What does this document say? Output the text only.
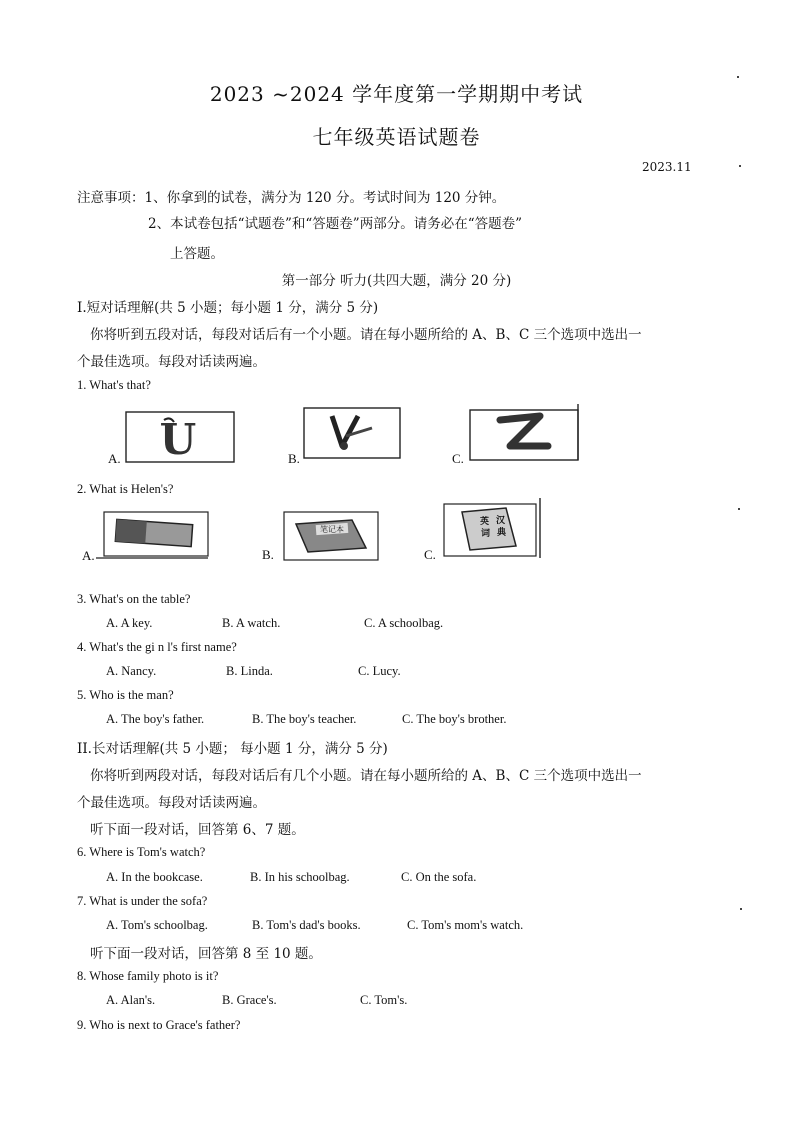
2023 ~2024 学年度第一学期期中考试
七年级英语试题卷
2023.11
注意事项：1、你拿到的试卷，满分为 120 分。考试时间为 120 分钟。
2、本试卷包括“试题卷”和“答题卷”两部分。请务必在“答题卷”
上答题。
第一部分 听力(共四大题，满分 20 分)
I.短对话理解(共 5 小题；每小题 1 分，满分 5 分)
你将听到五段对话，每段对话后有一个小题。请在每小题所给的 A、B、C 三个选项中选出一
个最佳选项。每段对话读两遍。
1. What's that?
A. U	B.	C.
2. What is Helen's?
A.	B.
笔记本
C.
英 汉
词 典
3. What's on the table?
A. A key.	B. A watch.	C. A schoolbag.
4. What's the gi n l's first name?
A. Nancy.	B. Linda.	C. Lucy.
5. Who is the man?
A. The boy's father.	B. The boy's teacher.	C. The boy's brother.
II.长对话理解(共 5 小题； 每小题 1 分，满分 5 分)
你将听到两段对话，每段对话后有几个小题。请在每小题所给的 A、B、C 三个选项中选出一
个最佳选项。每段对话读两遍。
听下面一段对话，回答第 6、7 题。
6. Where is Tom's watch?
A. In the bookcase.	B. In his schoolbag.	C. On the sofa.
7. What is under the sofa?
A. Tom's schoolbag.	B. Tom's dad's books.	C. Tom's mom's watch.
听下面一段对话，回答第 8 至 10 题。
8. Whose family photo is it?
A. Alan's.	B. Grace's.	C. Tom's.
9. Who is next to Grace's father?
